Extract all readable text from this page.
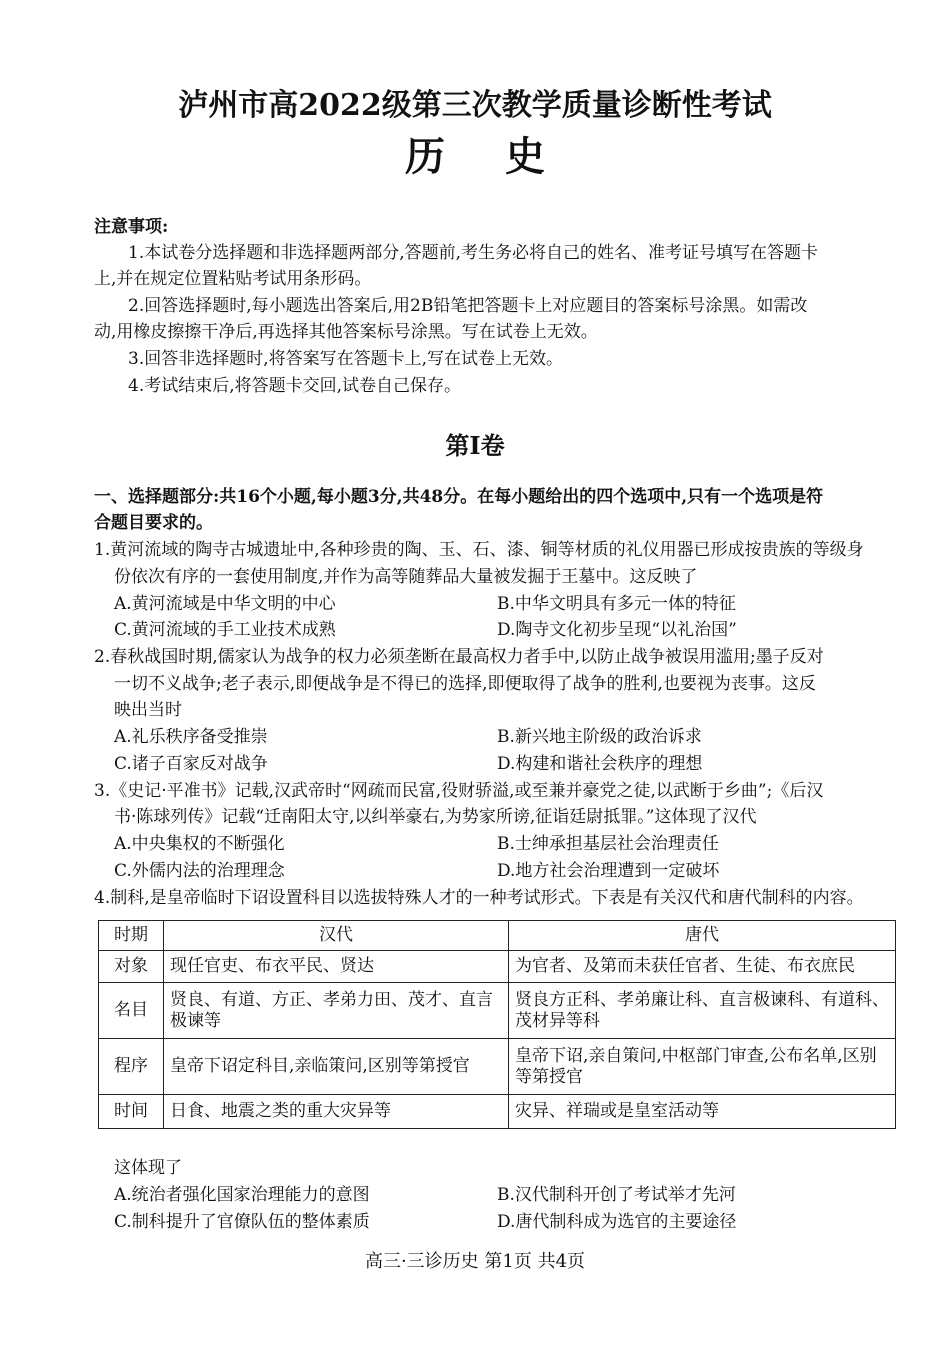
泸州市高2022级第三次教学质量诊断性考试
历史
注意事项:
1.本试卷分选择题和非选择题两部分,答题前,考生务必将自己的姓名、准考证号填写在答题卡
上,并在规定位置粘贴考试用条形码。
2.回答选择题时,每小题选出答案后,用2B铅笔把答题卡上对应题目的答案标号涂黑。如需改
动,用橡皮擦擦干净后,再选择其他答案标号涂黑。写在试卷上无效。
3.回答非选择题时,将答案写在答题卡上,写在试卷上无效。
4.考试结束后,将答题卡交回,试卷自己保存。
第Ⅰ卷
一、选择题部分:共16个小题,每小题3分,共48分。在每小题给出的四个选项中,只有一个选项是符
合题目要求的。
1.黄河流域的陶寺古城遗址中,各种珍贵的陶、玉、石、漆、铜等材质的礼仪用器已形成按贵族的等级身
份依次有序的一套使用制度,并作为高等随葬品大量被发掘于王墓中。这反映了
A.黄河流域是中华文明的中心	B.中华文明具有多元一体的特征
C.黄河流域的手工业技术成熟	D.陶寺文化初步呈现“以礼治国”
2.春秋战国时期,儒家认为战争的权力必须垄断在最高权力者手中,以防止战争被误用滥用;墨子反对
一切不义战争;老子表示,即便战争是不得已的选择,即便取得了战争的胜利,也要视为丧事。这反
映出当时
A.礼乐秩序备受推崇	B.新兴地主阶级的政治诉求
C.诸子百家反对战争	D.构建和谐社会秩序的理想
3.《史记·平准书》记载,汉武帝时“网疏而民富,役财骄溢,或至兼并豪党之徒,以武断于乡曲”;《后汉
书·陈球列传》记载“迁南阳太守,以纠举豪右,为势家所谤,征诣廷尉抵罪。”这体现了汉代
A.中央集权的不断强化	B.士绅承担基层社会治理责任
C.外儒内法的治理理念	D.地方社会治理遭到一定破坏
4.制科,是皇帝临时下诏设置科目以选拔特殊人才的一种考试形式。下表是有关汉代和唐代制科的内容。
时期	汉代	唐代
对象	现任官吏、布衣平民、贤达	为官者、及第而未获任官者、生徒、布衣庶民
名目	贤良、有道、方正、孝弟力田、茂才、直言极谏等	贤良方正科、孝弟廉让科、直言极谏科、有道科、茂材异等科
程序	皇帝下诏定科目,亲临策问,区别等第授官	皇帝下诏,亲自策问,中枢部门审查,公布名单,区别等第授官
时间	日食、地震之类的重大灾异等	灾异、祥瑞或是皇室活动等
这体现了
A.统治者强化国家治理能力的意图	B.汉代制科开创了考试举才先河
C.制科提升了官僚队伍的整体素质	D.唐代制科成为选官的主要途径
高三·三诊历史 第1页 共4页
